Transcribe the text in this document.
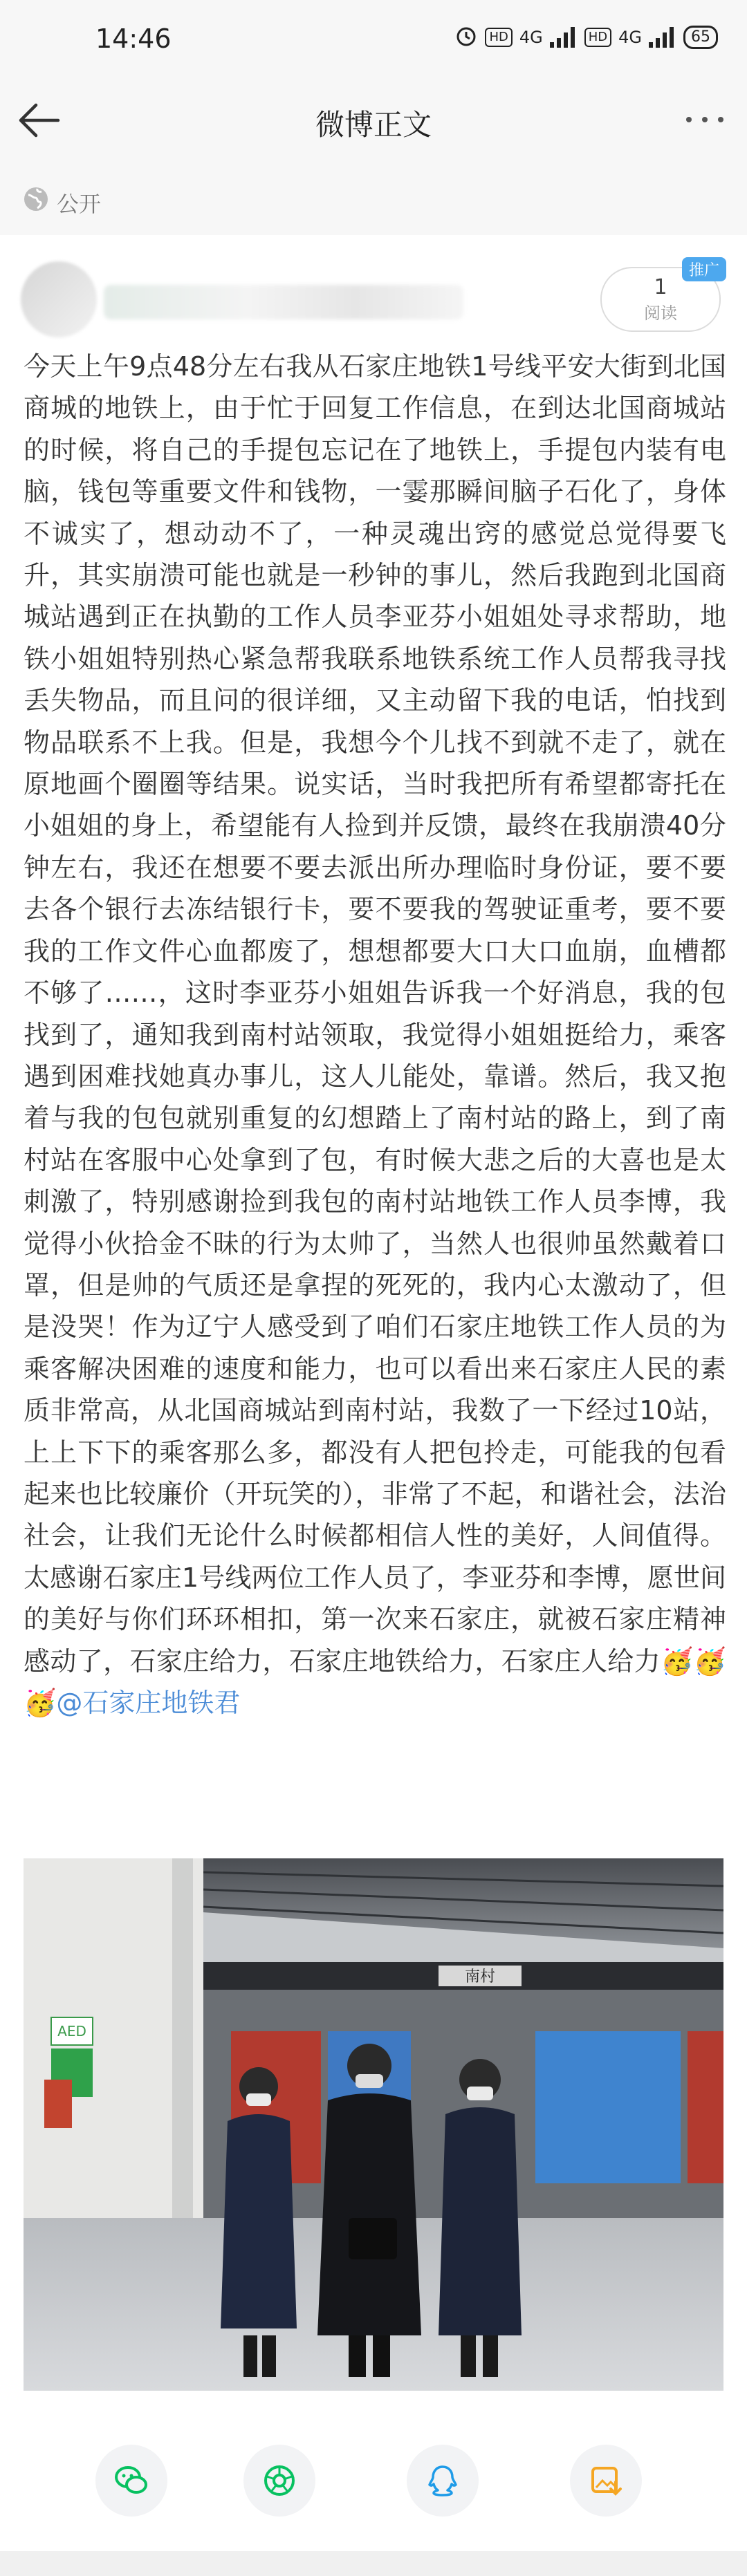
14:46	HD 4G	HD 4G	65
微博正文
公开
1
阅读
推广
今天上午9点48分左右我从石家庄地铁1号线平安大街到北国商城的地铁上，由于忙于回复工作信息，在到达北国商城站的时候，将自己的手提包忘记在了地铁上，手提包内装有电脑，钱包等重要文件和钱物，一霎那瞬间脑子石化了，身体不诚实了，想动动不了，一种灵魂出窍的感觉总觉得要飞升，其实崩溃可能也就是一秒钟的事儿，然后我跑到北国商城站遇到正在执勤的工作人员李亚芬小姐姐处寻求帮助，地铁小姐姐特别热心紧急帮我联系地铁系统工作人员帮我寻找丢失物品，而且问的很详细，又主动留下我的电话，怕找到物品联系不上我。但是，我想今个儿找不到就不走了，就在原地画个圈圈等结果。说实话，当时我把所有希望都寄托在小姐姐的身上，希望能有人捡到并反馈，最终在我崩溃40分钟左右，我还在想要不要去派出所办理临时身份证，要不要去各个银行去冻结银行卡，要不要我的驾驶证重考，要不要我的工作文件心血都废了，想想都要大口大口血崩，血槽都不够了……，这时李亚芬小姐姐告诉我一个好消息，我的包找到了，通知我到南村站领取，我觉得小姐姐挺给力，乘客遇到困难找她真办事儿，这人儿能处，靠谱。然后，我又抱着与我的包包就别重复的幻想踏上了南村站的路上，到了南村站在客服中心处拿到了包，有时候大悲之后的大喜也是太刺激了，特别感谢捡到我包的南村站地铁工作人员李博，我觉得小伙拾金不昧的行为太帅了，当然人也很帅虽然戴着口罩，但是帅的气质还是拿捏的死死的，我内心太激动了，但是没哭！作为辽宁人感受到了咱们石家庄地铁工作人员的为乘客解决困难的速度和能力，也可以看出来石家庄人民的素质非常高，从北国商城站到南村站，我数了一下经过10站，上上下下的乘客那么多，都没有人把包拎走，可能我的包看起来也比较廉价（开玩笑的），非常了不起，和谐社会，法治社会，让我们无论什么时候都相信人性的美好，人间值得。太感谢石家庄1号线两位工作人员了，李亚芬和李博，愿世间的美好与你们环环相扣，第一次来石家庄，就被石家庄精神感动了，石家庄给力，石家庄地铁给力，石家庄人给力🥳🥳🥳@石家庄地铁君
AED
南村
